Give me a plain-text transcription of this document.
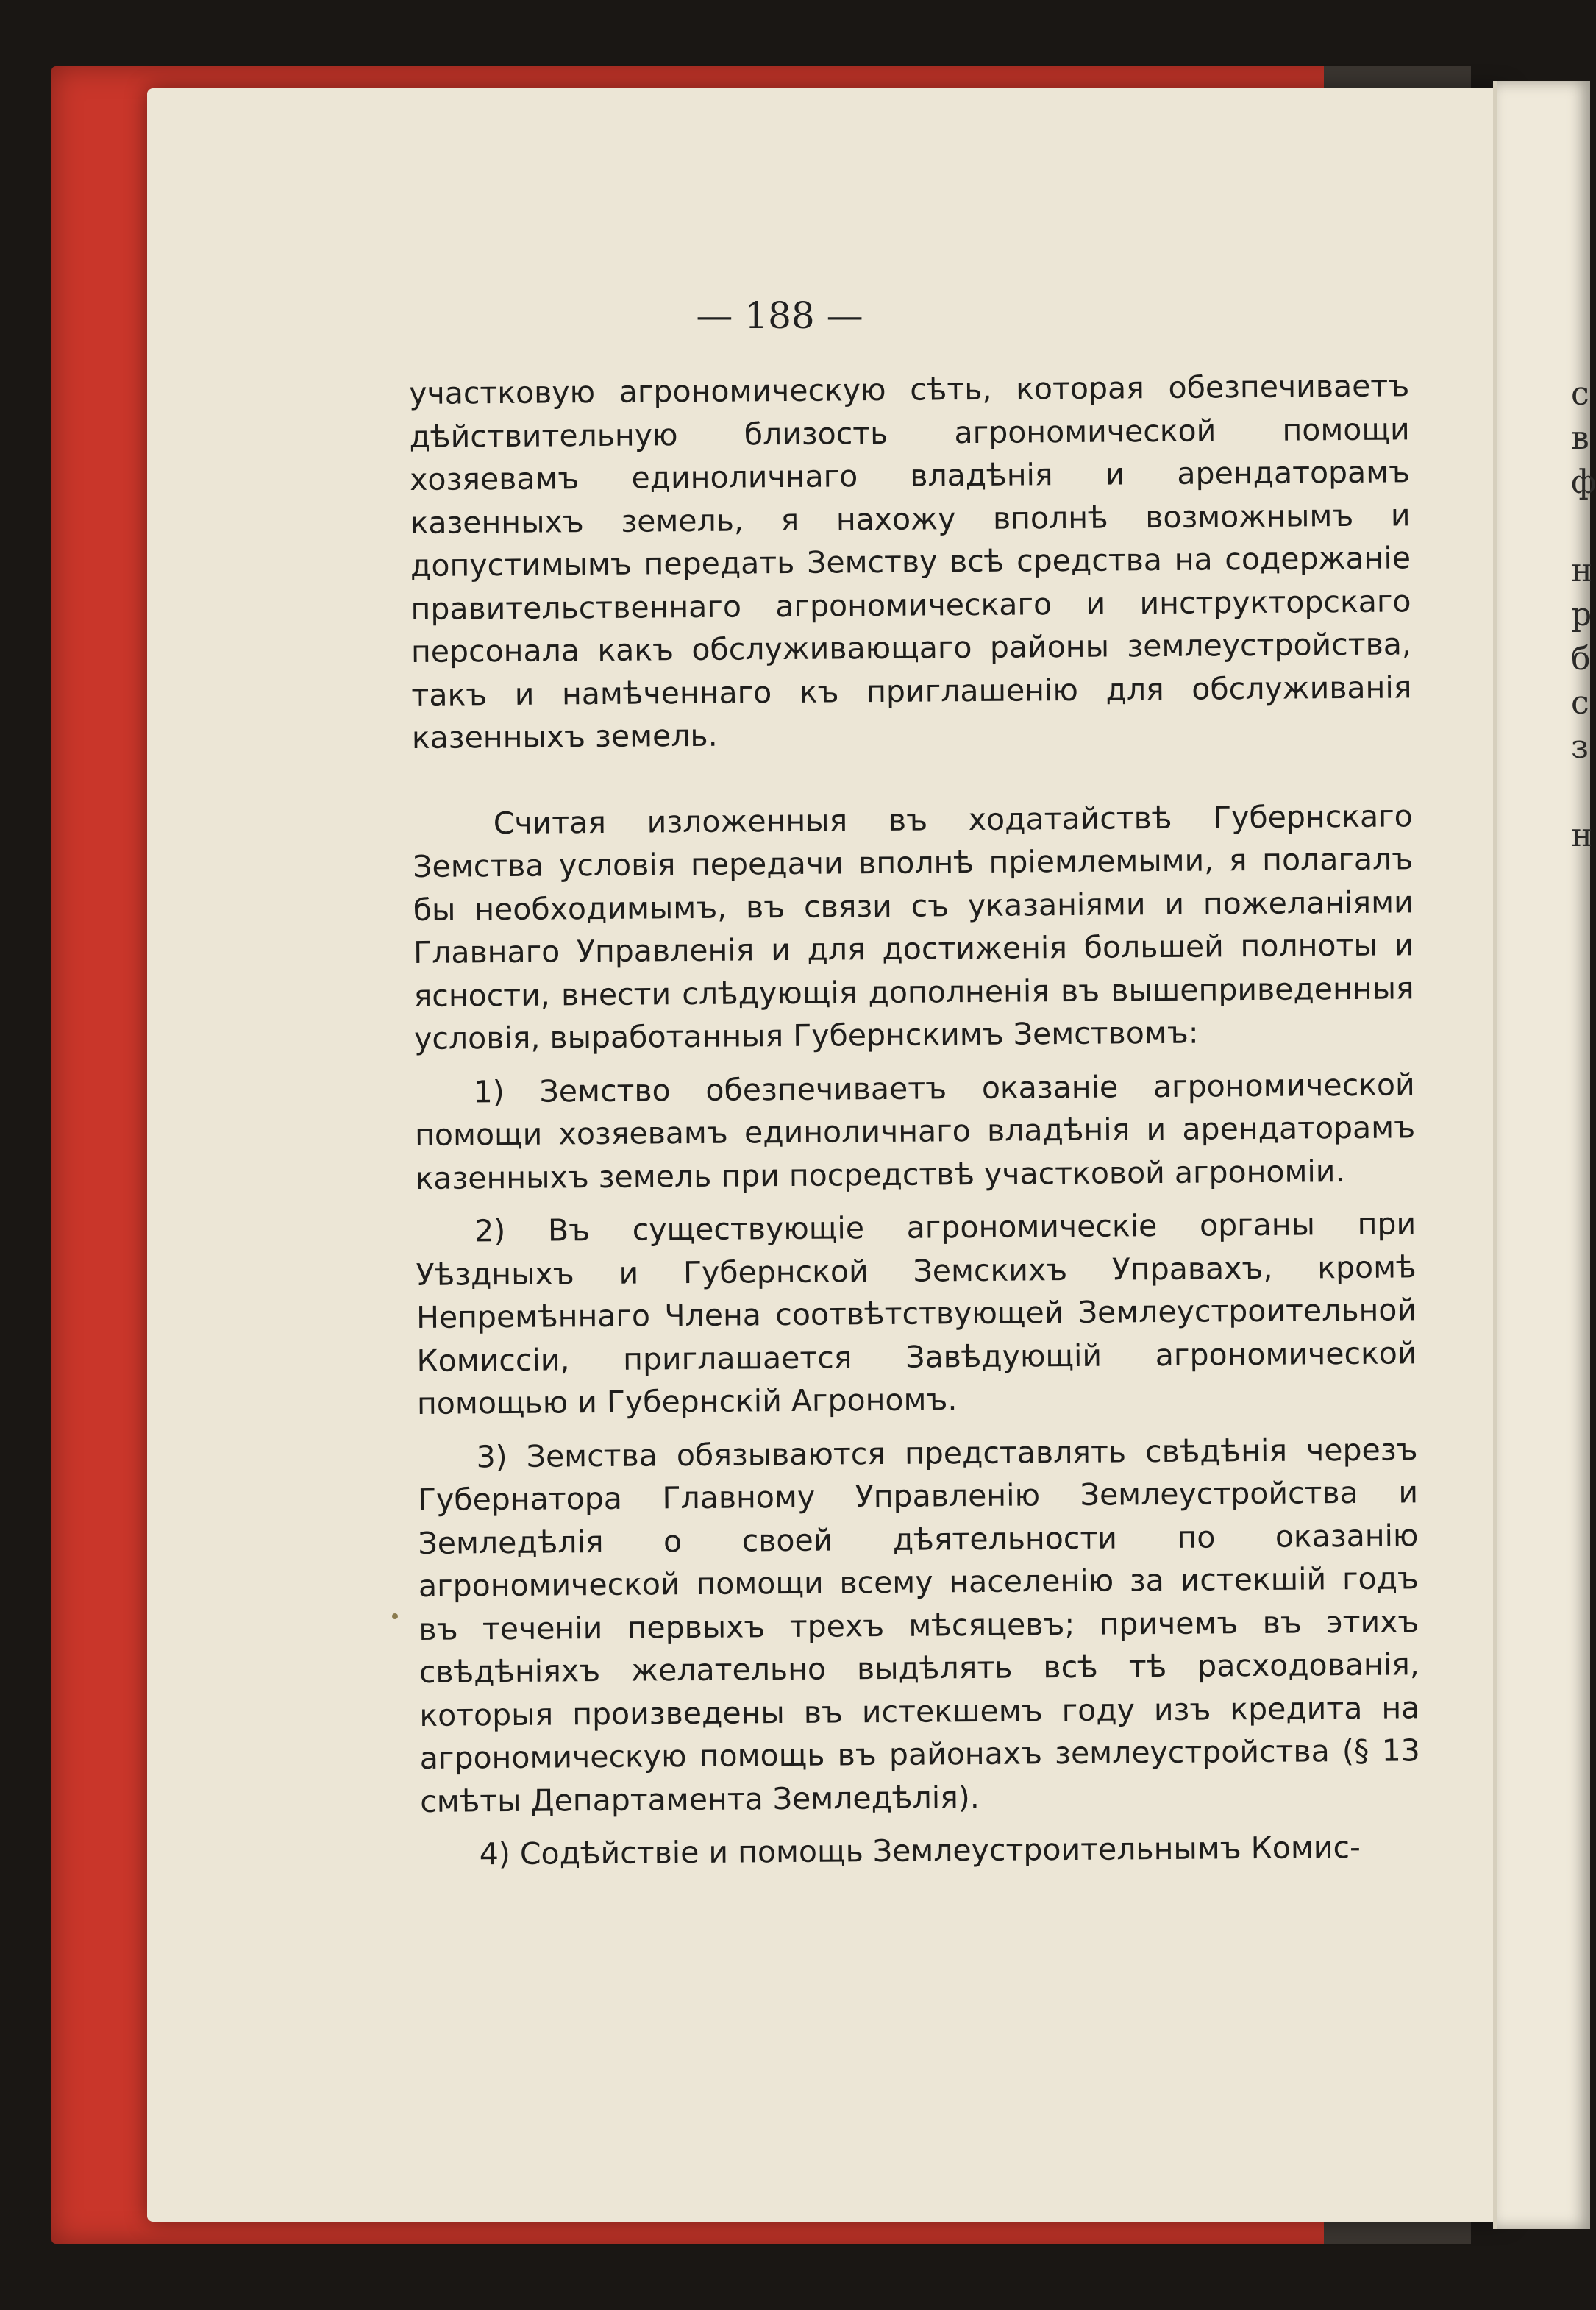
с
в
ф
н
р
б
с
з
н
— 188 —

участковую агрономическую сѣть, которая обезпечиваетъ дѣйствительную близость агрономической помощи хозяевамъ единоличнаго владѣнія и арендаторамъ казенныхъ земель, я нахожу вполнѣ возможнымъ и допустимымъ передать Земству всѣ средства на содержаніе правительственнаго агрономическаго и инструкторскаго персонала какъ обслуживающаго районы землеустройства, такъ и намѣченнаго къ приглашенію для обслуживанія казенныхъ земель.

Считая изложенныя въ ходатайствѣ Губернскаго Земства условія передачи вполнѣ пріемлемыми, я полагалъ бы необходимымъ, въ связи съ указаніями и пожеланіями Главнаго Управленія и для достиженія большей полноты и ясности, внести слѣдующія дополненія въ вышеприведенныя условія, выработанныя Губернскимъ Земствомъ:

1) Земство обезпечиваетъ оказаніе агрономической помощи хозяевамъ единоличнаго владѣнія и арендаторамъ казенныхъ земель при посредствѣ участковой агрономіи.

2) Въ существующіе агрономическіе органы при Уѣздныхъ и Губернской Земскихъ Управахъ, кромѣ Непремѣннаго Члена соотвѣтствующей Землеустроительной Комиссіи, приглашается Завѣдующій агрономической помощью и Губернскій Агрономъ.

3) Земства обязываются представлять свѣдѣнія черезъ Губернатора Главному Управленію Землеустройства и Земледѣлія о своей дѣятельности по оказанію агрономической помощи всему населенію за истекшій годъ въ теченіи первыхъ трехъ мѣсяцевъ; причемъ въ этихъ свѣдѣніяхъ желательно выдѣлять всѣ тѣ расходованія, которыя произведены въ истекшемъ году изъ кредита на агрономическую помощь въ районахъ землеустройства (§ 13 смѣты Департамента Земледѣлія).

4) Содѣйствіе и помощь Землеустроительнымъ Комис-
